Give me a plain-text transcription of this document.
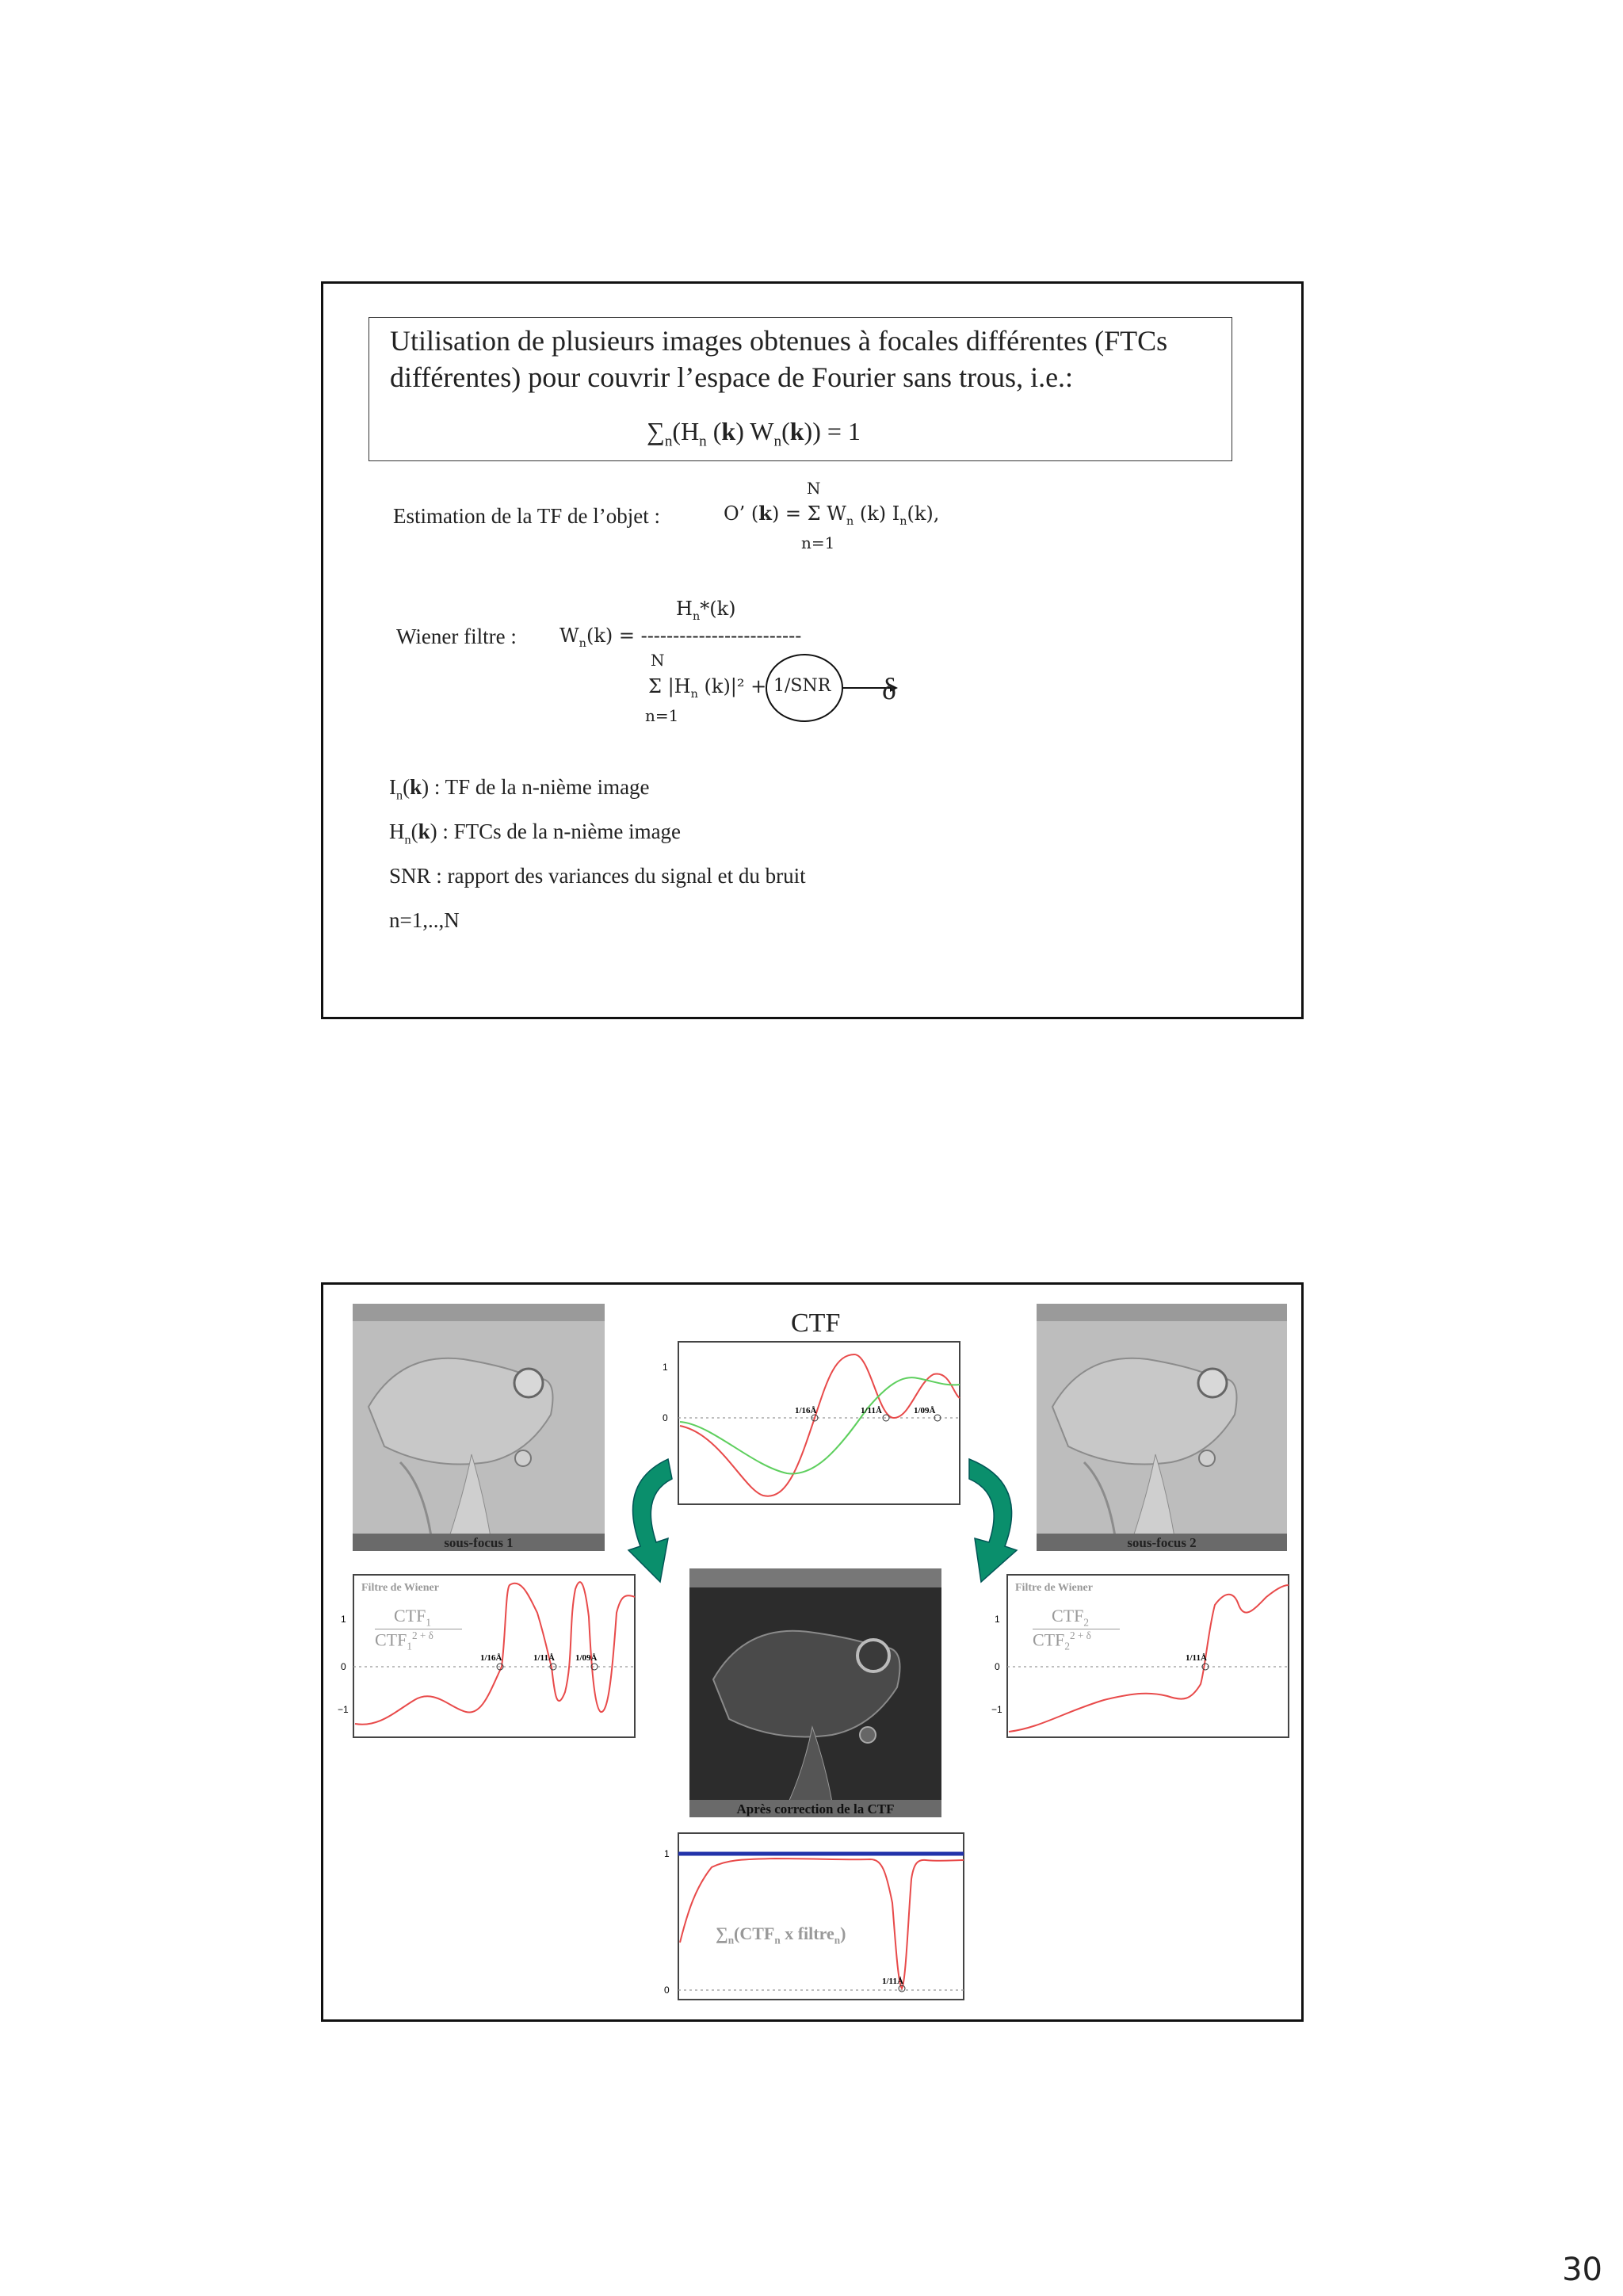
Utilisation de plusieurs images obtenues à focales différentes (FTCs différentes) pour couvrir l’espace de Fourier sans trous, i.e.:
$\sum_n(H_n$ (k) $W_n(k)) = 1$
Estimation de la TF de l’objet :
N
O’ (k) = Σ $W_n$ (k) $I_n(k)$,
n=1
$H_n*(k)$
Wiener filtre : $W_n(k)$ = -------------------------
N
Σ $|H_n$ (k)|² +
n=1
1/SNR δ
$I_n(k)$ : TF de la n-nième image
$H_n(k)$ : FTCs de la n-nième image
SNR : rapport des variances du signal et du bruit
n=1,..,N
sous-focus 1	sous-focus 2
CTF
1
0
1/16Å	1/11Å	1/09Å
Après correction de la CTF
1
0
−1
Filtre de Wiener
1/16Å	1/11Å 1/09Å
$CTF_1$
$CTF_1^{2 + \delta}$
1
0
−1
Filtre de Wiener
1/11Å
$CTF_2$
$CTF_2^{2 + \delta}$
1
0
1/11Å
$\sum_n(CTF_n$ x filtre$_n$)
30
